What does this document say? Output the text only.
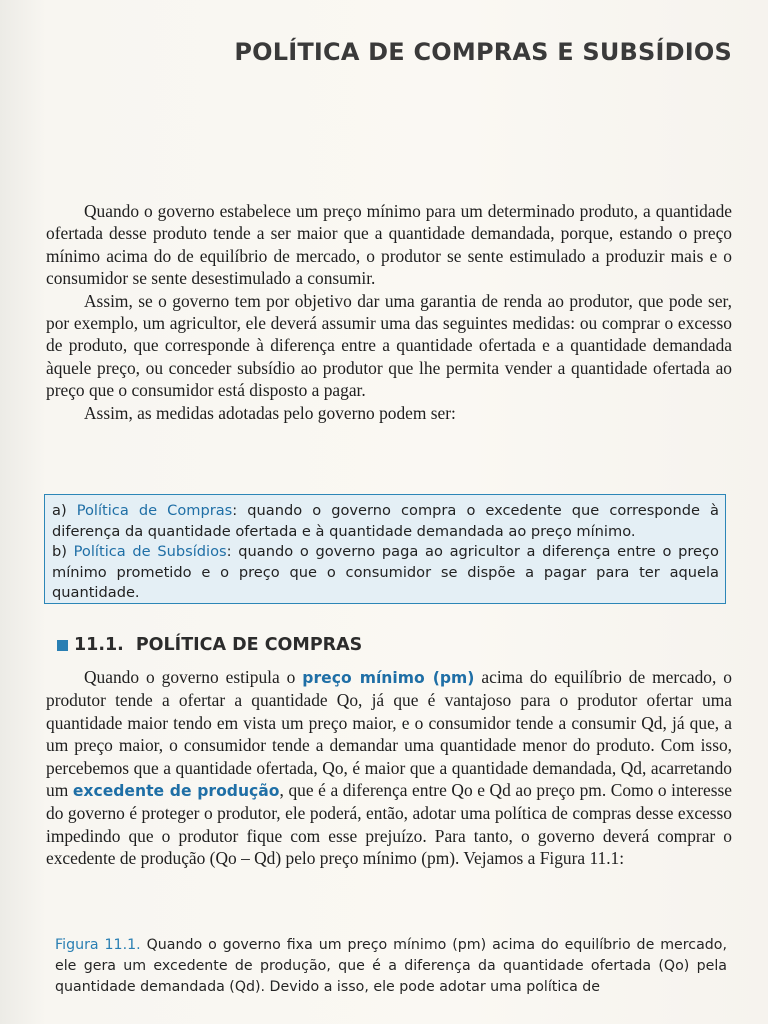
POLÍTICA DE COMPRAS E SUBSÍDIOS

Quando o governo estabelece um preço mínimo para um determinado produto, a quantidade ofertada desse produto tende a ser maior que a quantidade demandada, porque, estando o preço mínimo acima do de equilíbrio de mercado, o produtor se sente estimulado a produzir mais e o consumidor se sente desestimulado a consumir.

Assim, se o governo tem por objetivo dar uma garantia de renda ao produtor, que pode ser, por exemplo, um agricultor, ele deverá assumir uma das seguintes medidas: ou comprar o excesso de produto, que corresponde à diferença entre a quantidade ofertada e a quantidade demandada àquele preço, ou conceder subsídio ao produtor que lhe permita vender a quantidade ofertada ao preço que o consumidor está disposto a pagar.

Assim, as medidas adotadas pelo governo podem ser:

a) Política de Compras: quando o governo compra o excedente que corresponde à diferença da quantidade ofertada e à quantidade demandada ao preço mínimo.

b) Política de Subsídios: quando o governo paga ao agricultor a diferença entre o preço mínimo prometido e o preço que o consumidor se dispõe a pagar para ter aquela quantidade.

11.1. POLÍTICA DE COMPRAS

Quando o governo estipula o preço mínimo (pm) acima do equilíbrio de mercado, o produtor tende a ofertar a quantidade Qo, já que é vantajoso para o produtor ofertar uma quantidade maior tendo em vista um preço maior, e o consumidor tende a consumir Qd, já que, a um preço maior, o consumidor tende a demandar uma quantidade menor do produto. Com isso, percebemos que a quantidade ofertada, Qo, é maior que a quantidade demandada, Qd, acarretando um excedente de produção, que é a diferença entre Qo e Qd ao preço pm. Como o interesse do governo é proteger o produtor, ele poderá, então, adotar uma política de compras desse excesso impedindo que o produtor fique com esse prejuízo. Para tanto, o governo deverá comprar o excedente de produção (Qo – Qd) pelo preço mínimo (pm). Vejamos a Figura 11.1:

Figura 11.1. Quando o governo fixa um preço mínimo (pm) acima do equilíbrio de mercado, ele gera um excedente de produção, que é a diferença da quantidade ofertada (Qo) pela quantidade demandada (Qd). Devido a isso, ele pode adotar uma política de
